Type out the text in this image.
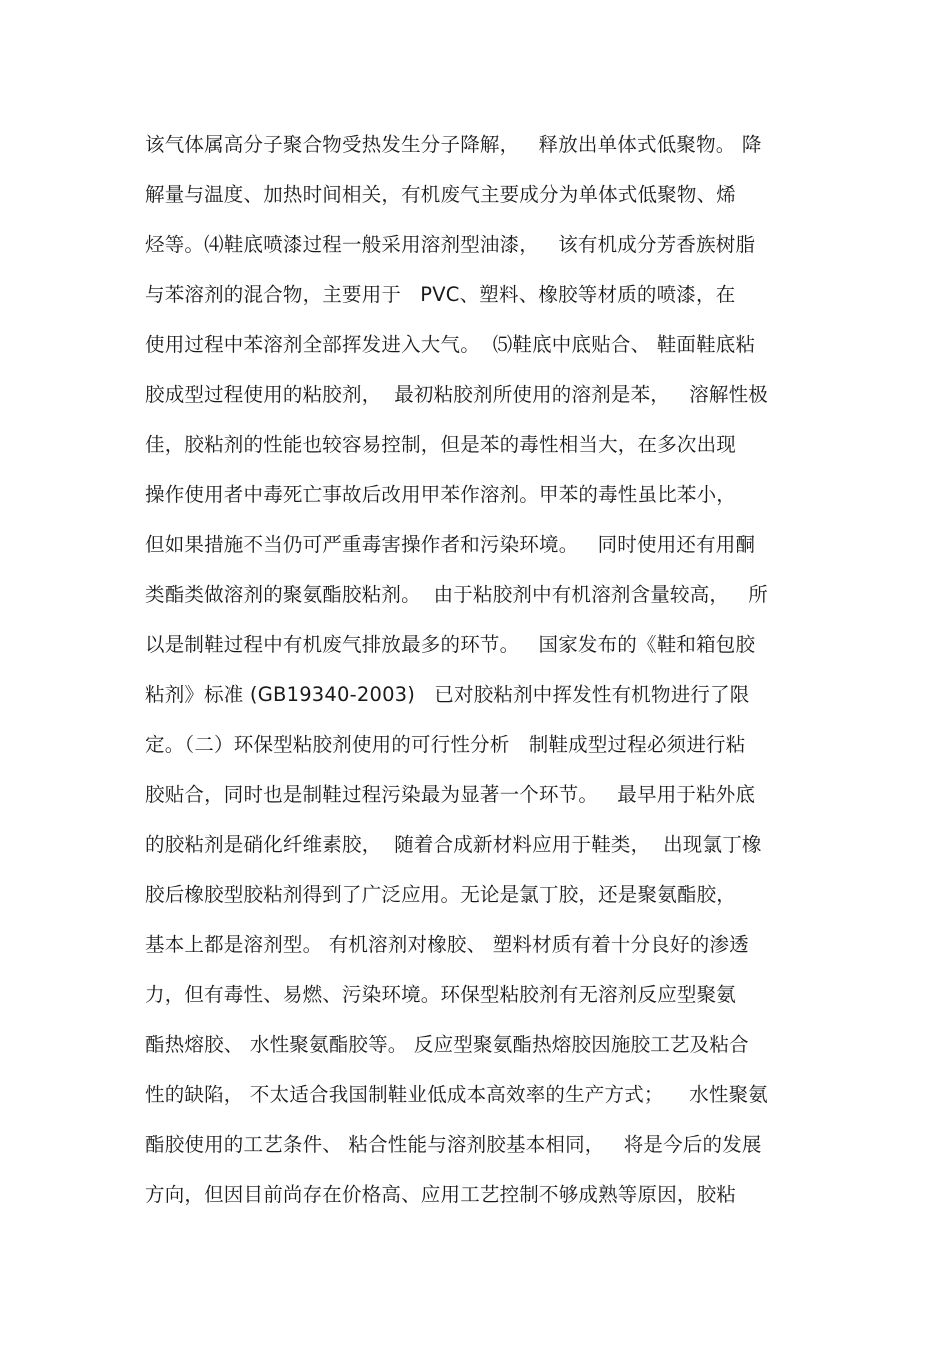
该气体属高分子聚合物受热发生分子降解，   释放出单体式低聚物。 降
解量与温度、加热时间相关，有机废气主要成分为单体式低聚物、烯
烃等。⑷鞋底喷漆过程一般采用溶剂型油漆，   该有机成分芳香族树脂
与苯溶剂的混合物，主要用于   PVC、塑料、橡胶等材质的喷漆，在
使用过程中苯溶剂全部挥发进入大气。  ⑸鞋底中底贴合、 鞋面鞋底粘
胶成型过程使用的粘胶剂，  最初粘胶剂所使用的溶剂是苯，   溶解性极
佳，胶粘剂的性能也较容易控制，但是苯的毒性相当大，在多次出现
操作使用者中毒死亡事故后改用甲苯作溶剂。甲苯的毒性虽比苯小，
但如果措施不当仍可严重毒害操作者和污染环境。   同时使用还有用酮
类酯类做溶剂的聚氨酯胶粘剂。  由于粘胶剂中有机溶剂含量较高，   所
以是制鞋过程中有机废气排放最多的环节。   国家发布的《鞋和箱包胶
粘剂》标准 (GB19340-2003)   已对胶粘剂中挥发性有机物进行了限
定。（二）环保型粘胶剂使用的可行性分析   制鞋成型过程必须进行粘
胶贴合，同时也是制鞋过程污染最为显著一个环节。   最早用于粘外底
的胶粘剂是硝化纤维素胶，  随着合成新材料应用于鞋类，  出现氯丁橡
胶后橡胶型胶粘剂得到了广泛应用。无论是氯丁胶，还是聚氨酯胶，
基本上都是溶剂型。 有机溶剂对橡胶、 塑料材质有着十分良好的渗透
力，但有毒性、易燃、污染环境。环保型粘胶剂有无溶剂反应型聚氨
酯热熔胶、 水性聚氨酯胶等。 反应型聚氨酯热熔胶因施胶工艺及粘合
性的缺陷， 不太适合我国制鞋业低成本高效率的生产方式；    水性聚氨
酯胶使用的工艺条件、 粘合性能与溶剂胶基本相同，   将是今后的发展
方向，但因目前尚存在价格高、应用工艺控制不够成熟等原因，胶粘
